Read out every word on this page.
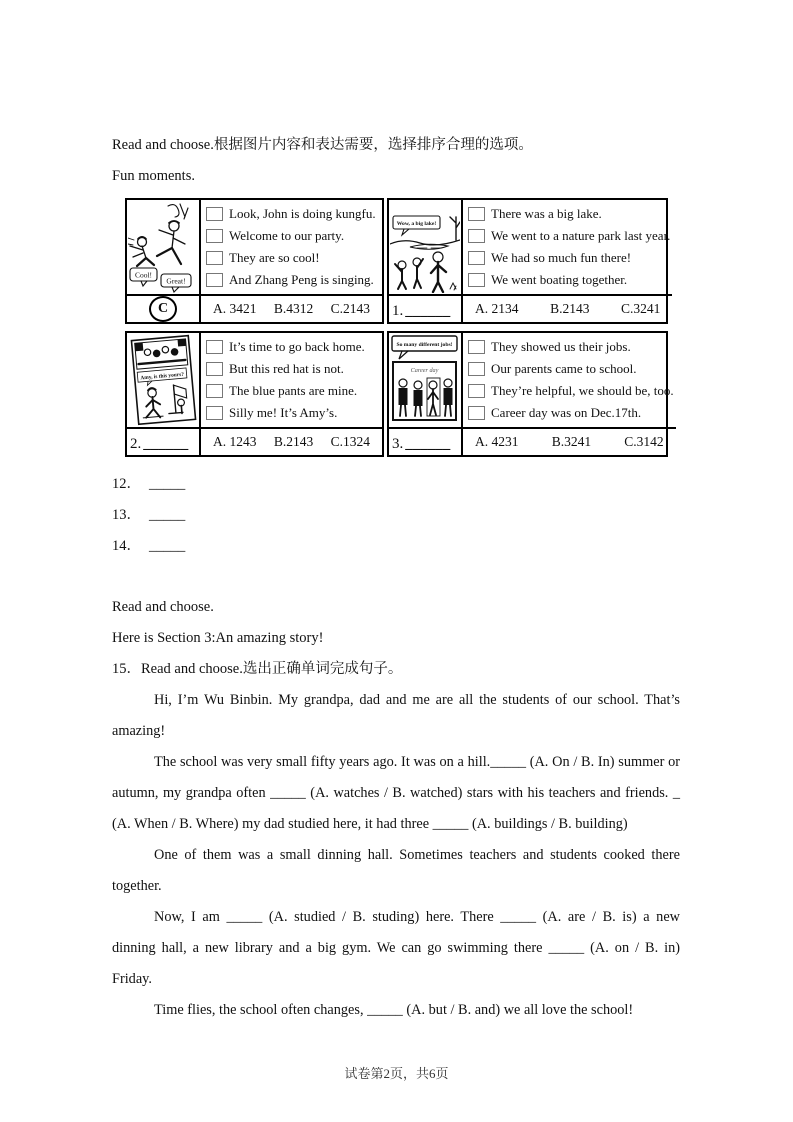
Read and choose.根据图片内容和表达需要，选择排序合理的选项。
Fun moments.
Cool!
Great!
Look, John is doing kungfu.
Welcome to our party.
They are so cool!
And Zhang Peng is singing.
C	A. 3421 B.4312 C.2143
Wow, a big lake!
There was a big lake.
We went to a nature park last year.
We had so much fun there!
We went boating together.
1. ______ A. 2134 B.2143 C.3241
Amy, is this yours?
It’s time to go back home.
But this red hat is not.
The blue pants are mine.
Silly me! It’s Amy’s.
2. ______ A. 1243 B.2143 C.1324
So many different jobs!
Career day
They showed us their jobs.
Our parents came to school.
They’re helpful, we should be, too.
Career day was on Dec.17th.
3. ______ A. 4231 B.3241 C.3142
12． _____
13． _____
14． _____
Read and choose.
Here is Section 3:An amazing story!
15．Read and choose.选出正确单词完成句子。
Hi, I’m Wu Binbin. My grandpa, dad and me are all the students of our school. That’s
amazing!
The school was very small fifty years ago. It was on a hill._____ (A. On / B. In) summer or
autumn, my grandpa often _____ (A. watches / B. watched) stars with his teachers and friends. _
(A. When / B. Where) my dad studied here, it had three _____ (A. buildings / B. building)
One of them was a small dinning hall. Sometimes teachers and students cooked there
together.
Now, I am _____ (A. studied / B. studing) here. There _____ (A. are / B. is) a new
dinning hall, a new library and a big gym. We can go swimming there _____ (A. on / B. in)
Friday.
Time flies, the school often changes, _____ (A. but / B. and) we all love the school!
试卷第2页，共6页
